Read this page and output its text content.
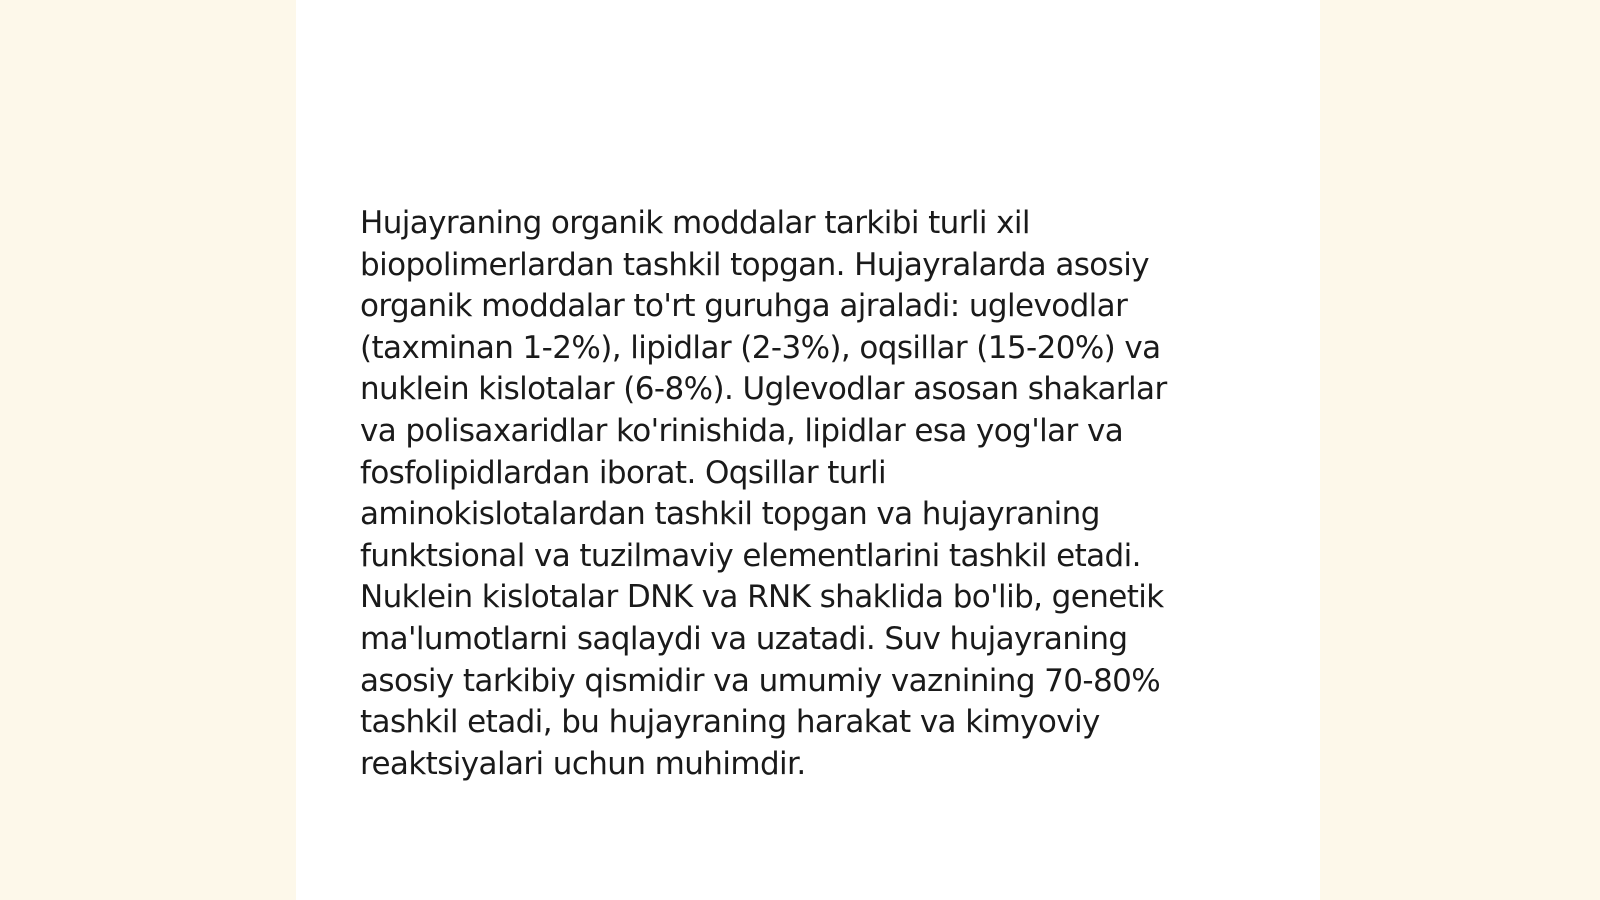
Hujayraning organik moddalar tarkibi turli xil
biopolimerlardan tashkil topgan. Hujayralarda asosiy
organik moddalar to'rt guruhga ajraladi: uglevodlar
(taxminan 1-2%), lipidlar (2-3%), oqsillar (15-20%) va
nuklein kislotalar (6-8%). Uglevodlar asosan shakarlar
va polisaxaridlar ko'rinishida, lipidlar esa yog'lar va
fosfolipidlardan iborat. Oqsillar turli
aminokislotalardan tashkil topgan va hujayraning
funktsional va tuzilmaviy elementlarini tashkil etadi.
Nuklein kislotalar DNK va RNK shaklida bo'lib, genetik
ma'lumotlarni saqlaydi va uzatadi. Suv hujayraning
asosiy tarkibiy qismidir va umumiy vaznining 70-80%
tashkil etadi, bu hujayraning harakat va kimyoviy
reaktsiyalari uchun muhimdir.
